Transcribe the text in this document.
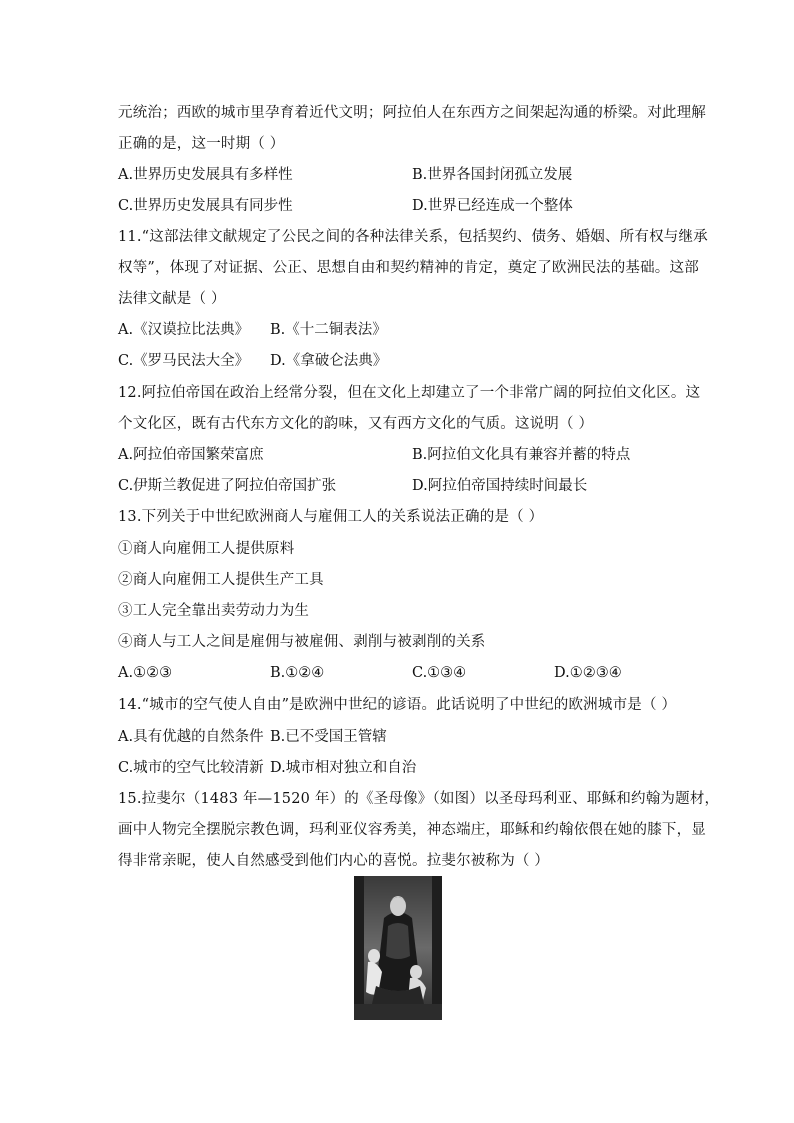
元统治；西欧的城市里孕育着近代文明；阿拉伯人在东西方之间架起沟通的桥梁。对此理解
正确的是，这一时期（ ）
A.世界历史发展具有多样性	B.世界各国封闭孤立发展
C.世界历史发展具有同步性	D.世界已经连成一个整体
11.“这部法律文献规定了公民之间的各种法律关系，包括契约、债务、婚姻、所有权与继承
权等”，体现了对证据、公正、思想自由和契约精神的肯定，奠定了欧洲民法的基础。这部
法律文献是（ ）
A.《汉谟拉比法典》 B.《十二铜表法》
C.《罗马民法大全》 D.《拿破仑法典》
12.阿拉伯帝国在政治上经常分裂，但在文化上却建立了一个非常广阔的阿拉伯文化区。这
个文化区，既有古代东方文化的韵味，又有西方文化的气质。这说明（ ）
A.阿拉伯帝国繁荣富庶	B.阿拉伯文化具有兼容并蓄的特点
C.伊斯兰教促进了阿拉伯帝国扩张	D.阿拉伯帝国持续时间最长
13.下列关于中世纪欧洲商人与雇佣工人的关系说法正确的是（ ）
①商人向雇佣工人提供原料
②商人向雇佣工人提供生产工具
③工人完全靠出卖劳动力为生
④商人与工人之间是雇佣与被雇佣、剥削与被剥削的关系
A.①②③	B.①②④	C.①③④	D.①②③④
14.“城市的空气使人自由”是欧洲中世纪的谚语。此话说明了中世纪的欧洲城市是（ ）
A.具有优越的自然条件 B.已不受国王管辖
C.城市的空气比较清新 D.城市相对独立和自治
15.拉斐尔（1483 年—1520 年）的《圣母像》（如图）以圣母玛利亚、耶稣和约翰为题材，
画中人物完全摆脱宗教色调，玛利亚仪容秀美，神态端庄，耶稣和约翰依偎在她的膝下，显
得非常亲昵，使人自然感受到他们内心的喜悦。拉斐尔被称为（ ）
